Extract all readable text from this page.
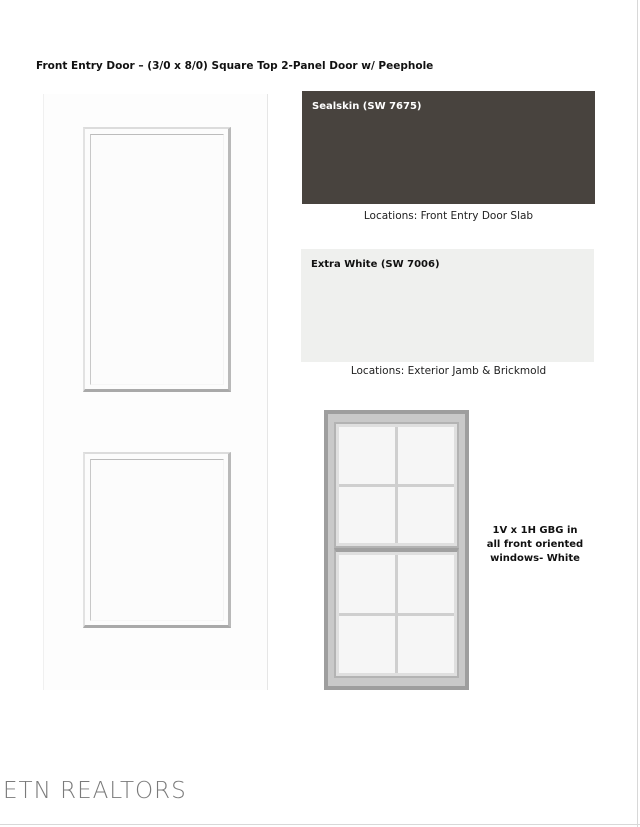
Front Entry Door – (3/0 x 8/0) Square Top 2-Panel Door w/ Peephole
Sealskin (SW 7675)
Locations: Front Entry Door Slab
Extra White (SW 7006)
Locations: Exterior Jamb & Brickmold
1V x 1H GBG in all front oriented windows- White
ETN REALTORS
